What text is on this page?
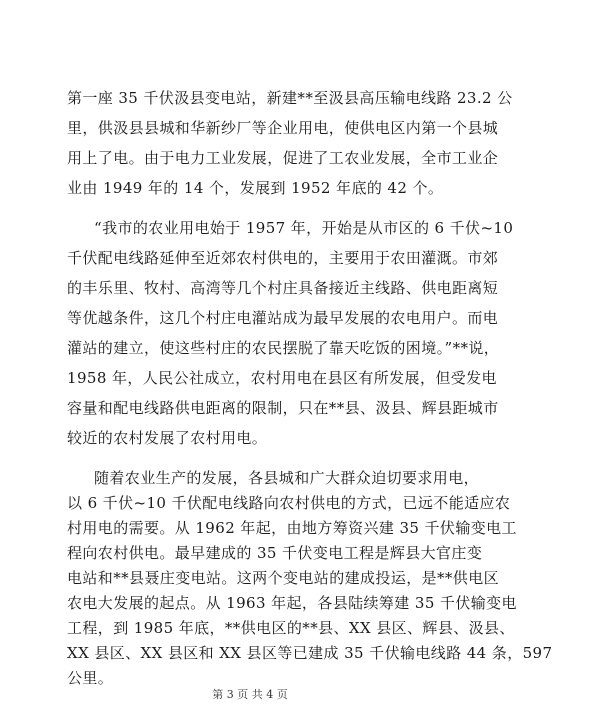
第一座 35 千伏汲县变电站，新建**至汲县高压输电线路 23.2 公
里，供汲县县城和华新纱厂等企业用电，使供电区内第一个县城
用上了电。由于电力工业发展，促进了工农业发展，全市工业企
业由 1949 年的 14 个，发展到 1952 年底的 42 个。
“我市的农业用电始于 1957 年，开始是从市区的 6 千伏~10
千伏配电线路延伸至近郊农村供电的，主要用于农田灌溉。市郊
的丰乐里、牧村、高湾等几个村庄具备接近主线路、供电距离短
等优越条件，这几个村庄电灌站成为最早发展的农电用户。而电
灌站的建立，使这些村庄的农民摆脱了靠天吃饭的困境。”**说，
1958 年，人民公社成立，农村用电在县区有所发展，但受发电
容量和配电线路供电距离的限制，只在**县、汲县、辉县距城市
较近的农村发展了农村用电。
随着农业生产的发展，各县城和广大群众迫切要求用电，
以 6 千伏~10 千伏配电线路向农村供电的方式，已远不能适应农
村用电的需要。从 1962 年起，由地方筹资兴建 35 千伏输变电工
程向农村供电。最早建成的 35 千伏变电工程是辉县大官庄变
电站和**县聂庄变电站。这两个变电站的建成投运，是**供电区
农电大发展的起点。从 1963 年起，各县陆续筹建 35 千伏输变电
工程，到 1985 年底，**供电区的**县、XX 县区、辉县、汲县、
XX 县区、XX 县区和 XX 县区等已建成 35 千伏输电线路 44 条，597
公里。
第 3 页 共 4 页
